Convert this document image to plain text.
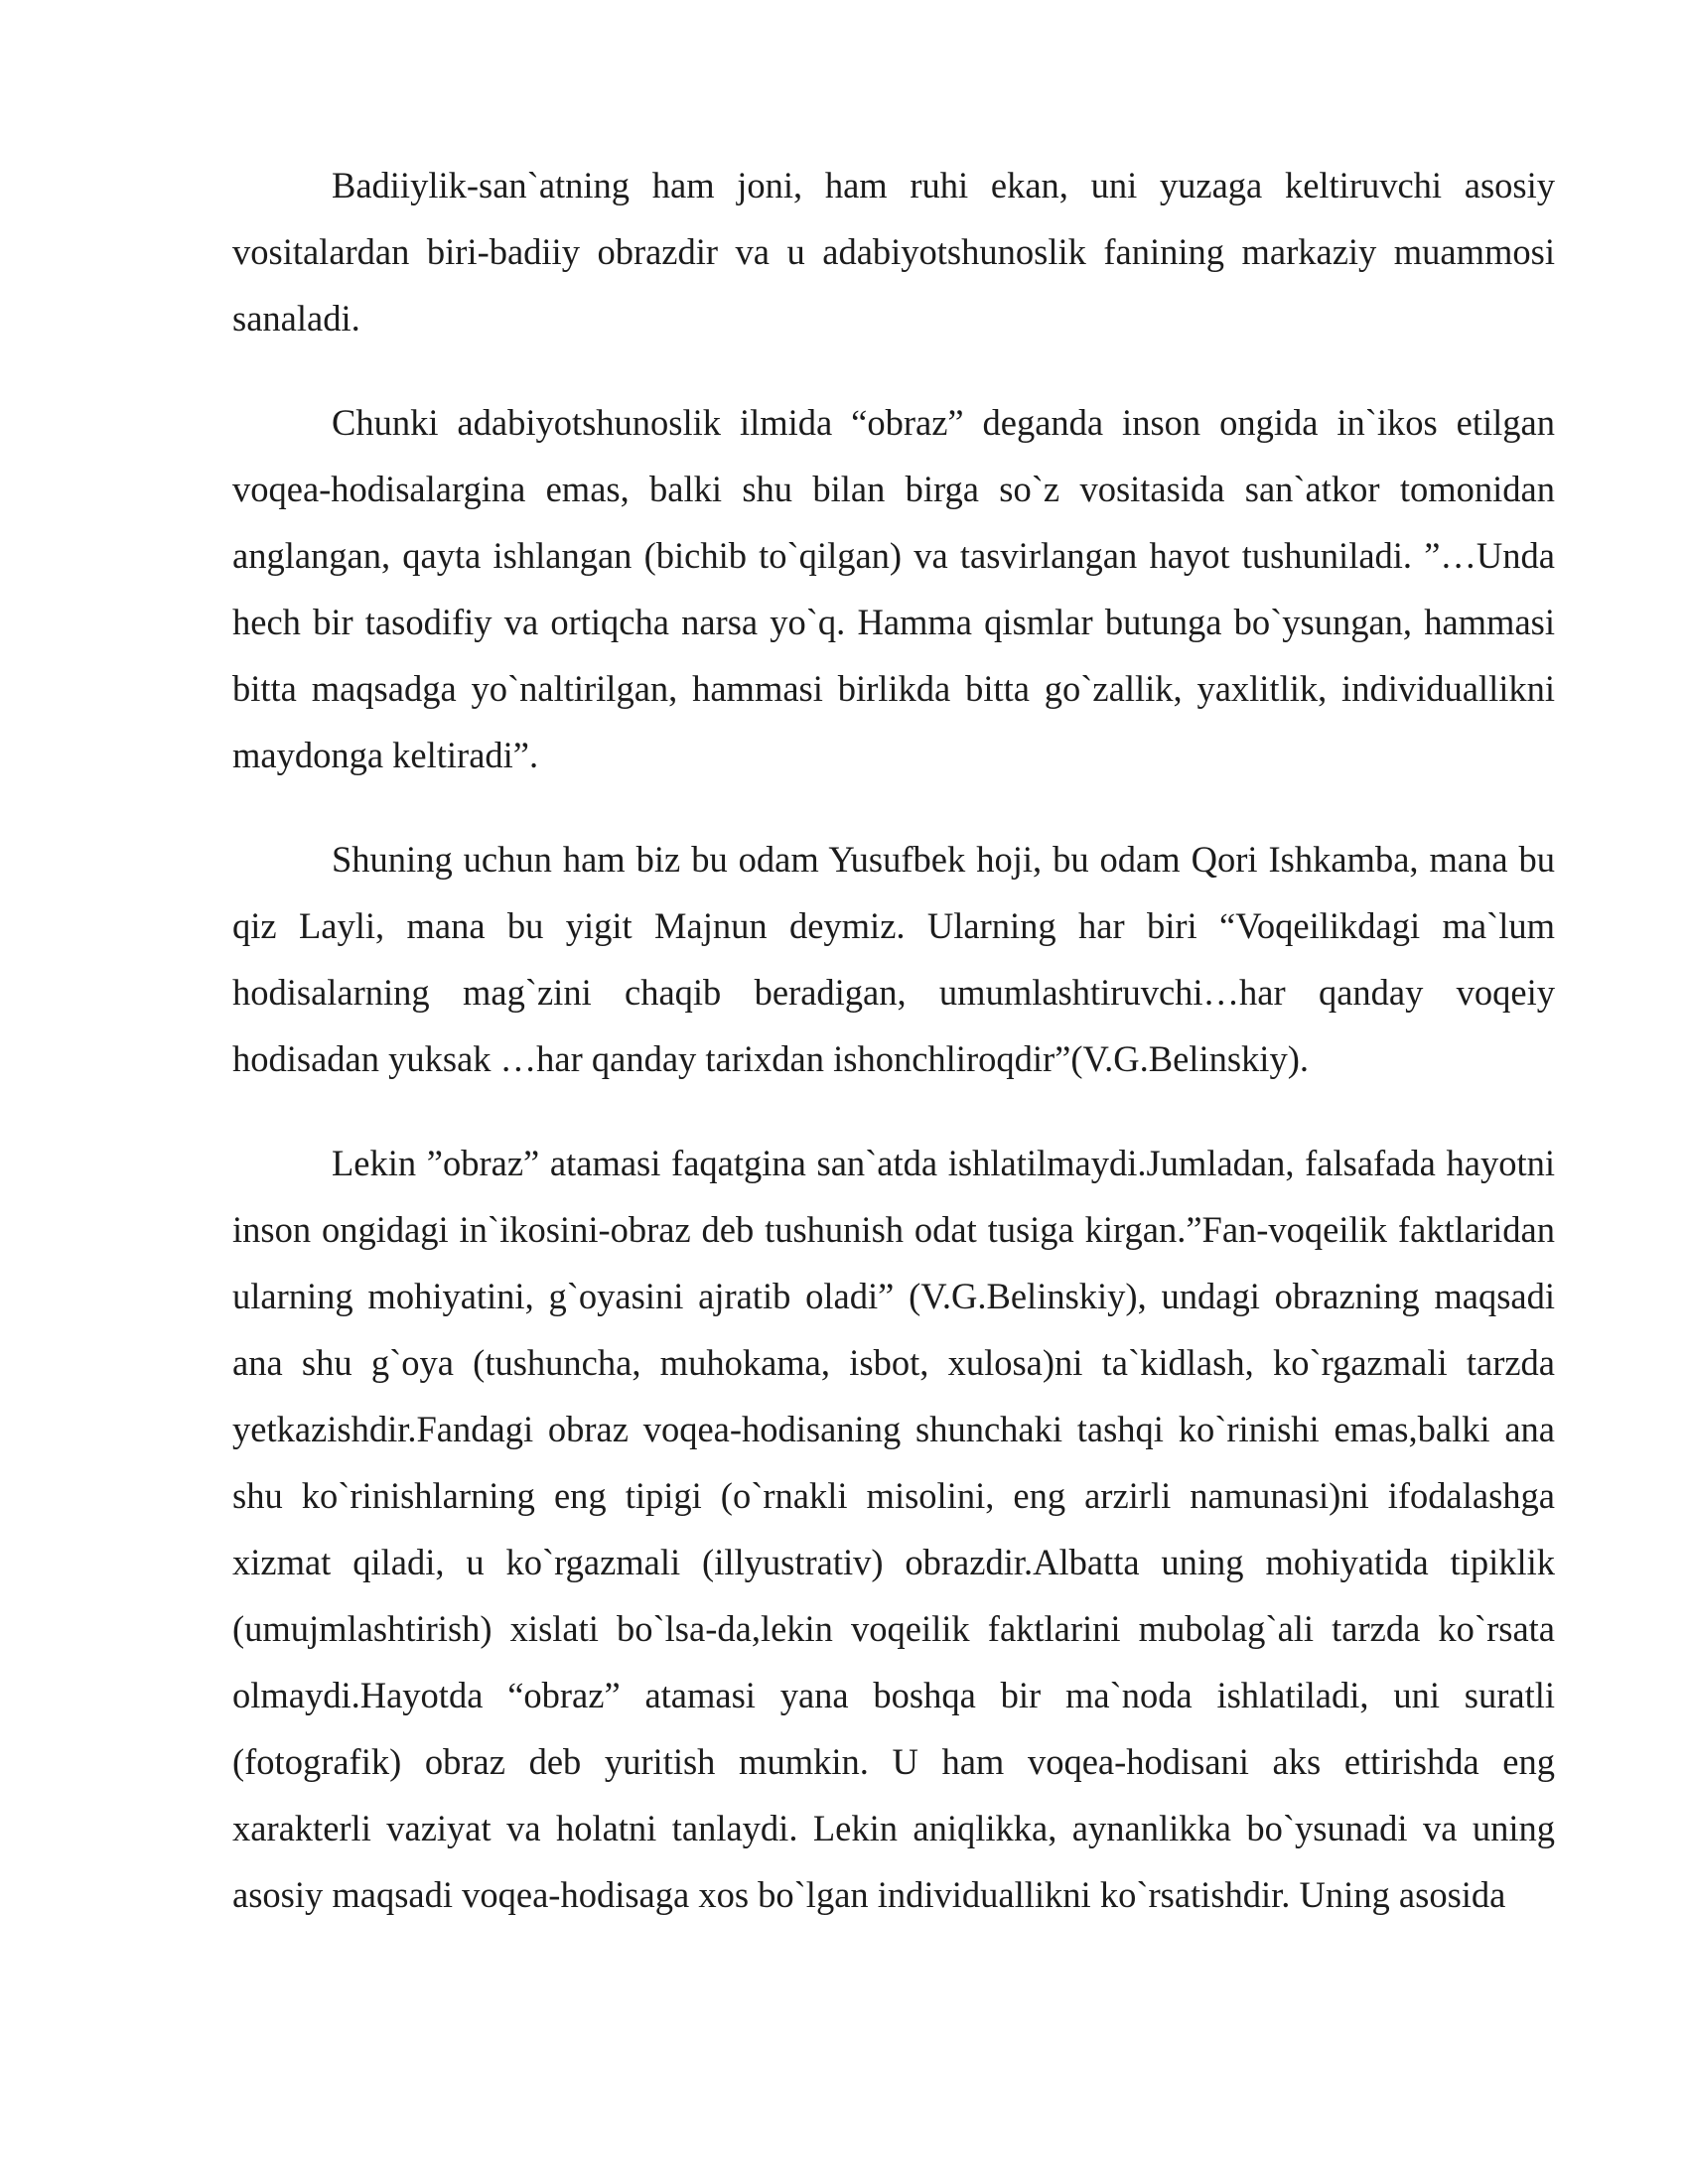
Badiiylik-san`atning ham joni, ham ruhi ekan, uni yuzaga keltiruvchi asosiy vositalardan biri-badiiy obrazdir va u adabiyotshunoslik fanining markaziy muammosi sanaladi.

Chunki adabiyotshunoslik ilmida “obraz” deganda inson ongida in`ikos etilgan voqea-hodisalargina emas, balki shu bilan birga so`z vositasida san`atkor tomonidan anglangan, qayta ishlangan (bichib to`qilgan) va tasvirlangan hayot tushuniladi. ”…Unda hech bir tasodifiy va ortiqcha narsa yo`q. Hamma qismlar butunga bo`ysungan, hammasi bitta maqsadga yo`naltirilgan, hammasi birlikda bitta go`zallik, yaxlitlik, individuallikni maydonga keltiradi”.

Shuning uchun ham biz bu odam Yusufbek hoji, bu odam Qori Ishkamba, mana bu qiz Layli, mana bu yigit Majnun deymiz. Ularning har biri “Voqeilikdagi ma`lum hodisalarning mag`zini chaqib beradigan, umumlashtiruvchi…har qanday voqeiy hodisadan yuksak …har qanday tarixdan ishonchliroqdir”(V.G.Belinskiy).

Lekin ”obraz” atamasi faqatgina san`atda ishlatilmaydi.Jumladan, falsafada hayotni inson ongidagi in`ikosini-obraz deb tushunish odat tusiga kirgan.”Fan-voqeilik faktlaridan ularning mohiyatini, g`oyasini ajratib oladi” (V.G.Belinskiy), undagi obrazning maqsadi ana shu g`oya (tushuncha, muhokama, isbot, xulosa)ni ta`kidlash, ko`rgazmali tarzda yetkazishdir.Fandagi obraz voqea-hodisaning shunchaki tashqi ko`rinishi emas,balki ana shu ko`rinishlarning eng tipigi (o`rnakli misolini, eng arzirli namunasi)ni ifodalashga xizmat qiladi, u ko`rgazmali (illyustrativ) obrazdir.Albatta uning mohiyatida tipiklik (umujmlashtirish) xislati bo`lsa-da,lekin voqeilik faktlarini mubolag`ali tarzda ko`rsata olmaydi.Hayotda “obraz” atamasi yana boshqa bir ma`noda ishlatiladi, uni suratli (fotografik) obraz deb yuritish mumkin. U ham voqea-hodisani aks ettirishda eng xarakterli vaziyat va holatni tanlaydi. Lekin aniqlikka, aynanlikka bo`ysunadi va uning asosiy maqsadi voqea-hodisaga xos bo`lgan individuallikni ko`rsatishdir. Uning asosida
